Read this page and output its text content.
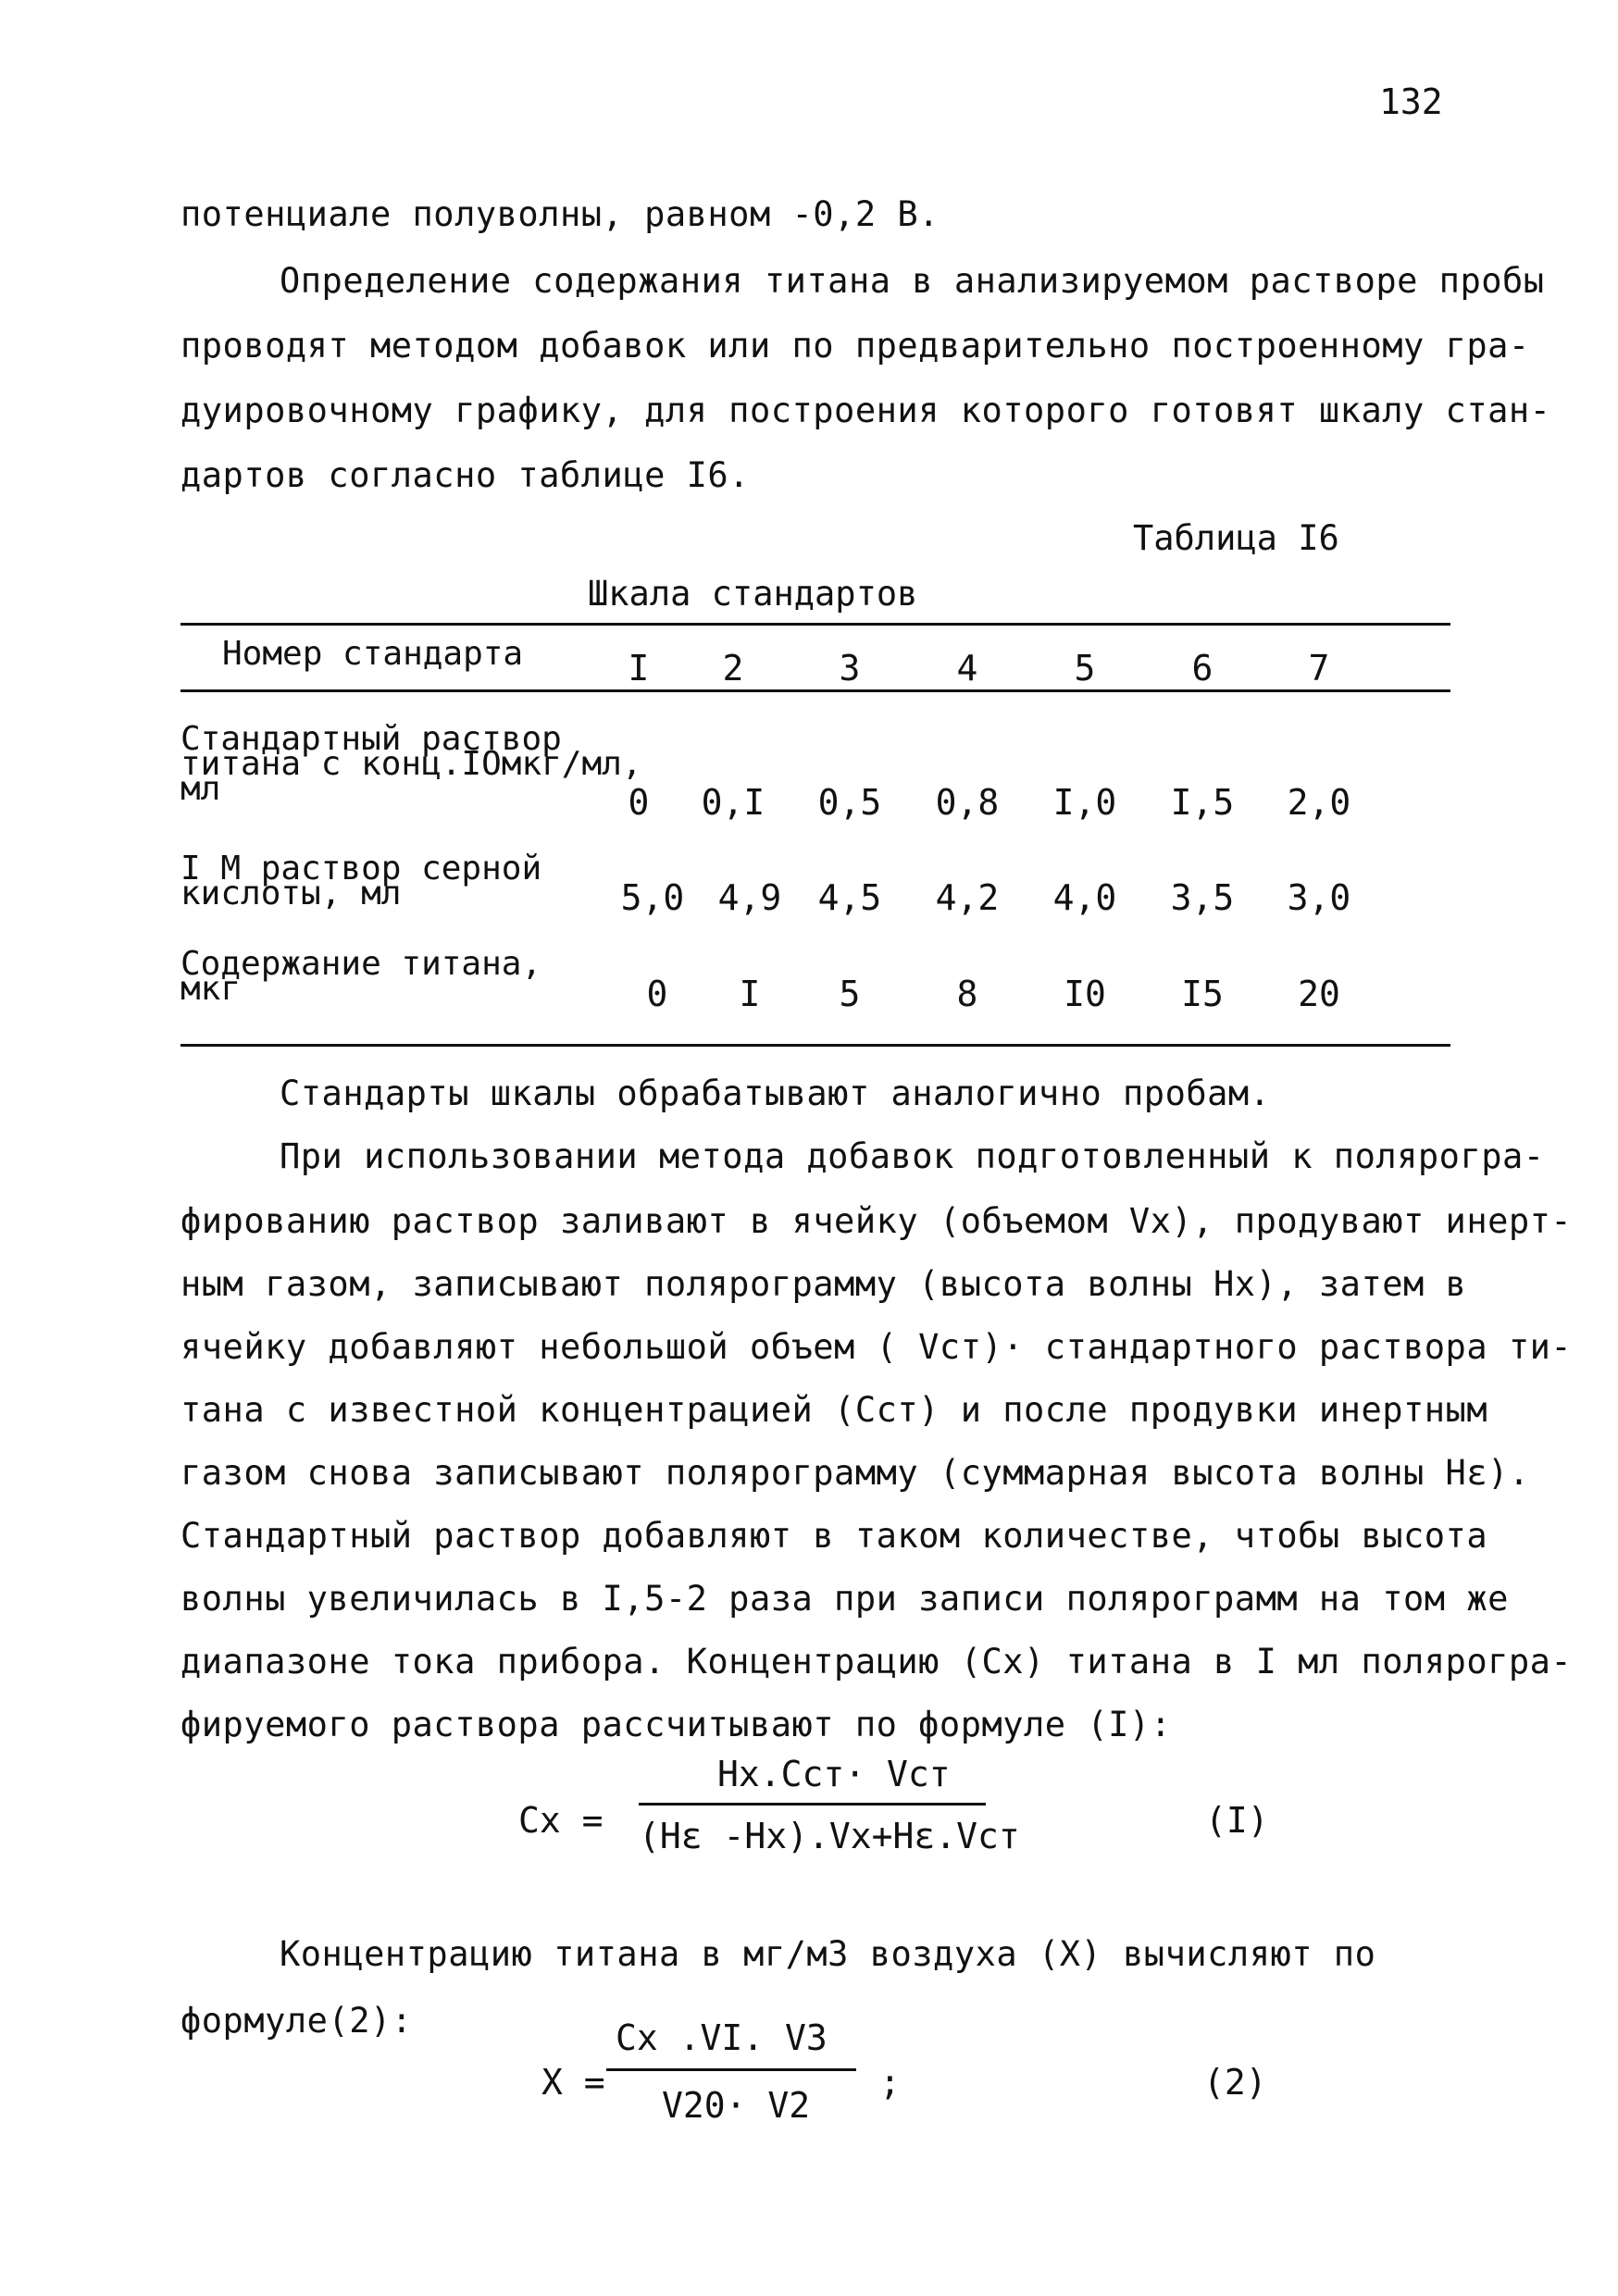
132
потенциале полуволны, равном -0,2 В.
Определение содержания титана в анализируемом растворе пробы
проводят методом добавок или по предварительно построенному гра-
дуировочному графику, для построения которого готовят шкалу стан-
дартов согласно таблице I6.
Таблица I6
Шкала стандартов
Номер стандарта	I	2	3	4	5	6	7
Стандартный раствор
титана с конц.IОмкг/мл,
мл	0	0,I	0,5	0,8	I,0	I,5	2,0
I М раствор серной
кислоты, мл	5,0 4,9	4,5	4,2	4,0	3,5	3,0
Содержание титана,
мкг	0	I	5	8	I0	I5	20
Стандарты шкалы обрабатывают аналогично пробам.
При использовании метода добавок подготовленный к полярогра-
фированию раствор заливают в ячейку (объемом Vx), продувают инерт-
ным газом, записывают полярограмму (высота волны Hx), затем в
ячейку добавляют небольшой объем ( Vст)· стандартного раствора ти-
тана с известной концентрацией (Cст) и после продувки инертным
газом снова записывают полярограмму (суммарная высота волны Hε).
Стандартный раствор добавляют в таком количестве, чтобы высота
волны увеличилась в I,5-2 раза при записи полярограмм на том же
диапазоне тока прибора. Концентрацию (Cx) титана в I мл полярогра-
фируемого раствора рассчитывают по формуле (I):
Cx =
Hx.Cст· Vст
(Hε -Hx).Vx+Hε.Vст	(I)
Концентрацию титана в мг/м3 воздуха (X) вычисляют по
формуле(2):
X =
Cx .VI. V3
V20· V2
;	(2)
